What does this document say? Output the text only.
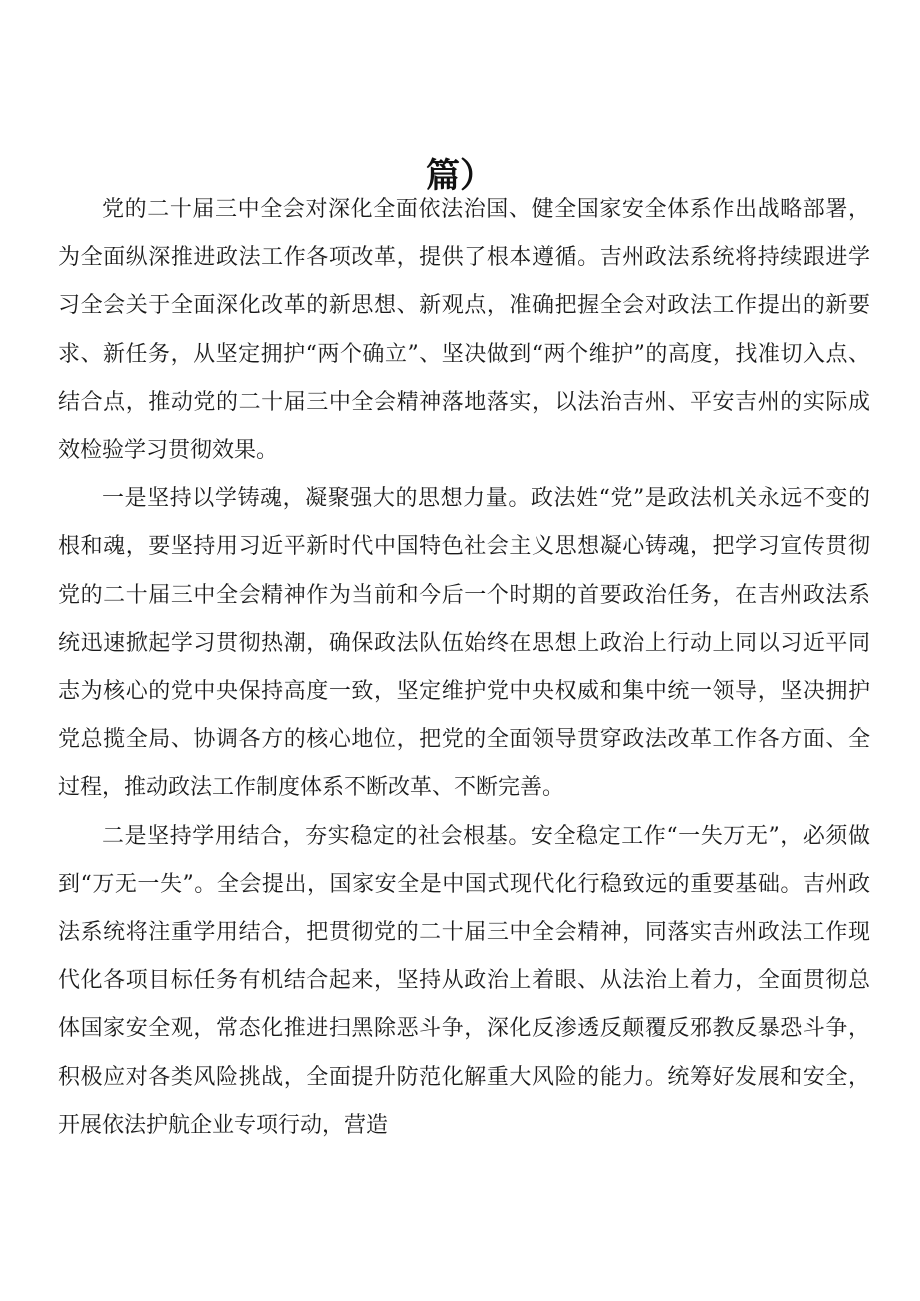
篇）

党的二十届三中全会对深化全面依法治国、健全国家安全体系作出战略部署，为全面纵深推进政法工作各项改革，提供了根本遵循。吉州政法系统将持续跟进学习全会关于全面深化改革的新思想、新观点，准确把握全会对政法工作提出的新要求、新任务，从坚定拥护“两个确立”、坚决做到“两个维护”的高度，找准切入点、结合点，推动党的二十届三中全会精神落地落实，以法治吉州、平安吉州的实际成效检验学习贯彻效果。

一是坚持以学铸魂，凝聚强大的思想力量。政法姓“党”是政法机关永远不变的根和魂，要坚持用习近平新时代中国特色社会主义思想凝心铸魂，把学习宣传贯彻党的二十届三中全会精神作为当前和今后一个时期的首要政治任务，在吉州政法系统迅速掀起学习贯彻热潮，确保政法队伍始终在思想上政治上行动上同以习近平同志为核心的党中央保持高度一致，坚定维护党中央权威和集中统一领导，坚决拥护党总揽全局、协调各方的核心地位，把党的全面领导贯穿政法改革工作各方面、全过程，推动政法工作制度体系不断改革、不断完善。

二是坚持学用结合，夯实稳定的社会根基。安全稳定工作“一失万无”，必须做到“万无一失”。全会提出，国家安全是中国式现代化行稳致远的重要基础。吉州政法系统将注重学用结合，把贯彻党的二十届三中全会精神，同落实吉州政法工作现代化各项目标任务有机结合起来，坚持从政治上着眼、从法治上着力，全面贯彻总体国家安全观，常态化推进扫黑除恶斗争，深化反渗透反颠覆反邪教反暴恐斗争，积极应对各类风险挑战，全面提升防范化解重大风险的能力。统筹好发展和安全，开展依法护航企业专项行动，营造
